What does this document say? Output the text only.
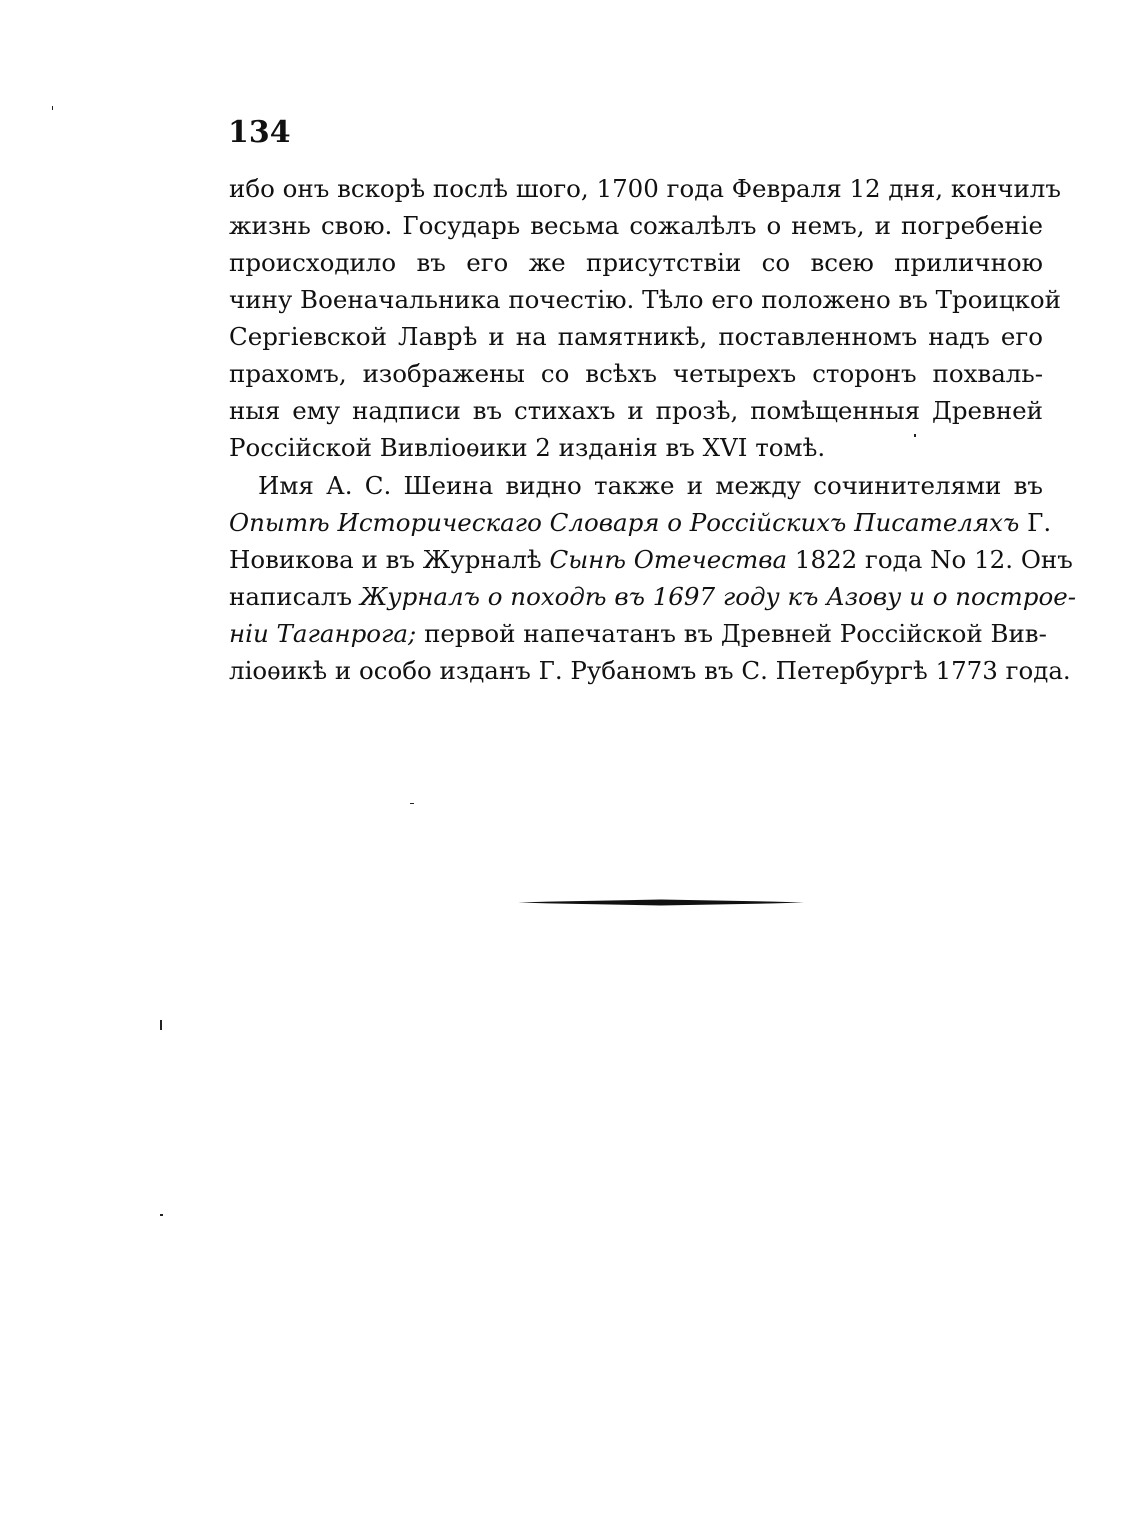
134
ибо онъ вскорѣ послѣ шого, 1700 года Февраля 12 дня, кончилъ
жизнь свою. Государь весьма сожалѣлъ о немъ, и погребеніе
происходило въ его же присутствіи со всею приличною
чину Военачальника почестію. Тѣло его положено въ Троицкой
Сергіевской Лаврѣ и на памятникѣ, поставленномъ надъ его
прахомъ, изображены со всѣхъ четырехъ сторонъ похваль-
ныя ему надписи въ стихахъ и прозѣ, помѣщенныя Древней
Россійской Вивліоѳики 2 изданія въ XVI томѣ.
Имя А. С. Шеина видно также и между сочинителями въ
Опытѣ Историческаго Словаря о Россійскихъ Писателяхъ Г.
Новикова и въ Журналѣ Сынѣ Отечества 1822 года No 12. Онъ
написалъ Журналъ о походѣ въ 1697 году къ Азову и о построе-
ніи Таганрога; первой напечатанъ въ Древней Россійской Вив-
ліоѳикѣ и особо изданъ Г. Рубаномъ въ С. Петербургѣ 1773 года.
